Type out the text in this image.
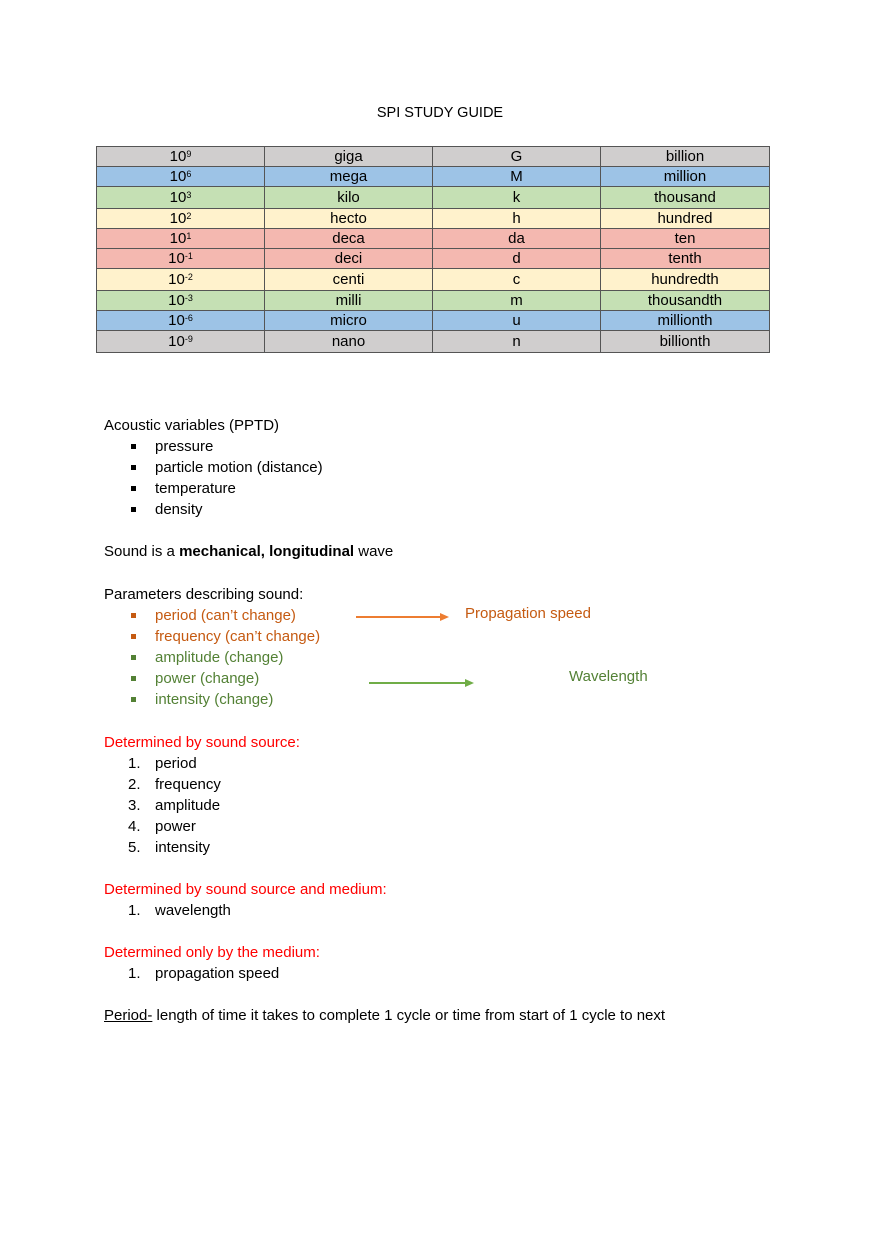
SPI STUDY GUIDE
$10^9$	giga	G	billion
$10^6$	mega	M	million
$10^3$	kilo	k	thousand
$10^2$	hecto	h	hundred
$10^1$	deca	da	ten
$10^{-1}$	deci	d	tenth
$10^{-2}$	centi	c	hundredth
$10^{-3}$	milli	m	thousandth
$10^{-6}$	micro	u	millionth
$10^{-9}$	nano	n	billionth
Acoustic variables (PPTD)
pressure
particle motion (distance)
temperature
density
Sound is a mechanical, longitudinal wave
Parameters describing sound:
period (can’t change)
frequency (can’t change)
amplitude (change)
power (change)
intensity (change)
Propagation speed
Wavelength
Determined by sound source:
1. period
2. frequency
3. amplitude
4. power
5. intensity
Determined by sound source and medium:
1. wavelength
Determined only by the medium:
1. propagation speed
Period- length of time it takes to complete 1 cycle or time from start of 1 cycle to next
